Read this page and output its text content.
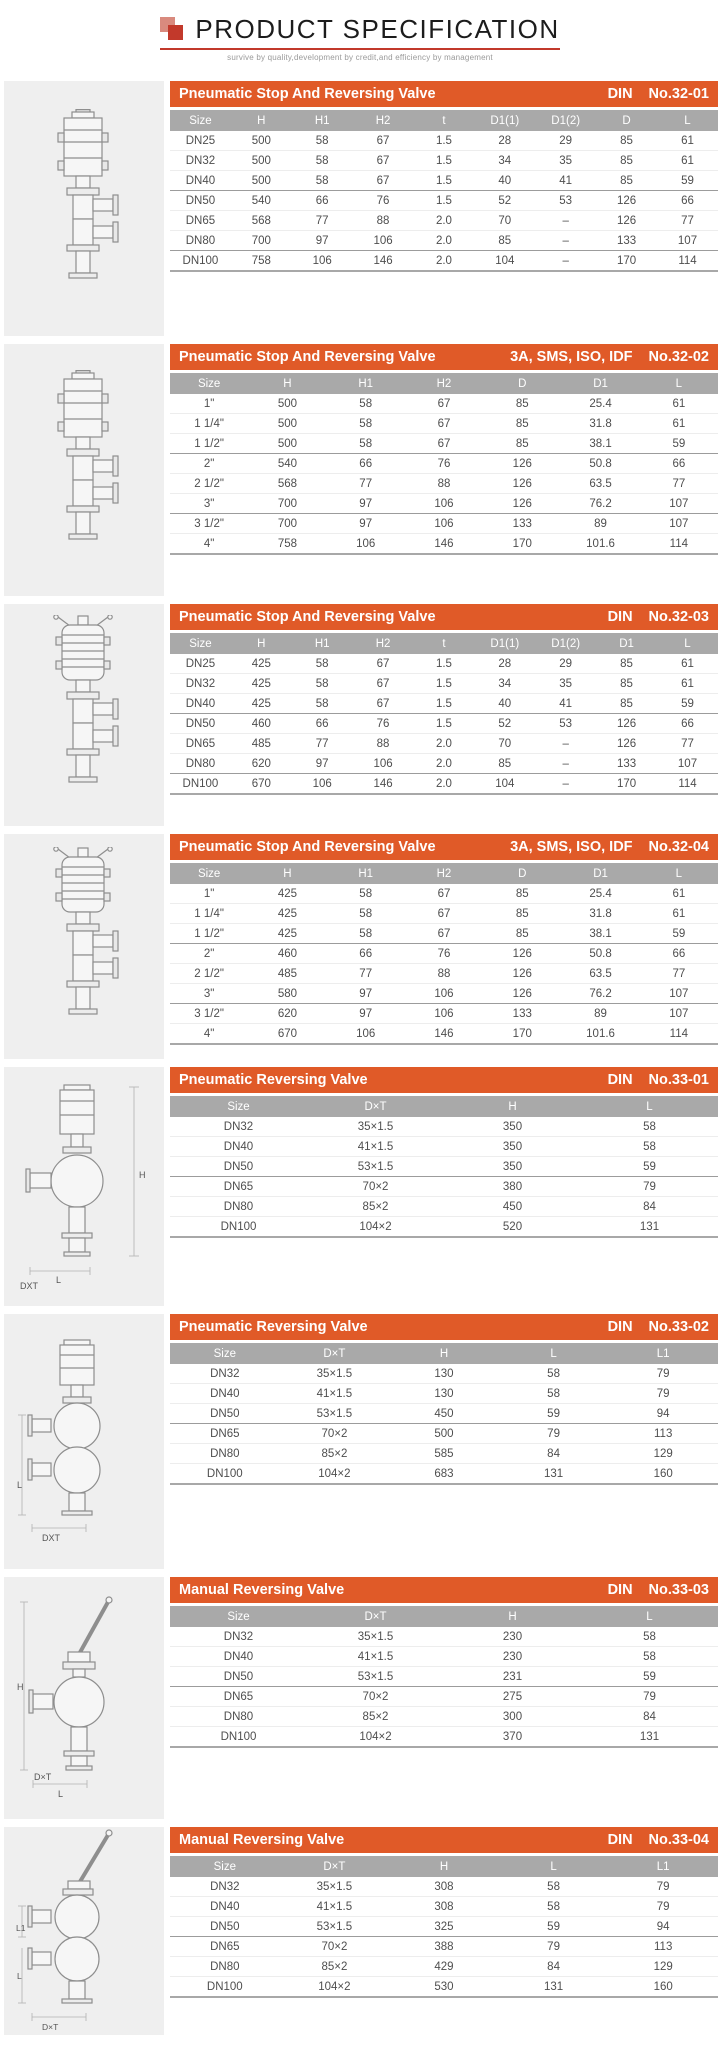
PRODUCT SPECIFICATION
survive by quality,development by credit,and efficiency by management
Pneumatic Stop And Reversing Valve	DIN No.32-01
Size	H	H1	H2	t	D1(1)	D1(2)	D	L
DN25	500	58	67	1.5	28	29	85	61
DN32	500	58	67	1.5	34	35	85	61
DN40	500	58	67	1.5	40	41	85	59
DN50	540	66	76	1.5	52	53	126	66
DN65	568	77	88	2.0	70	–	126	77
DN80	700	97	106	2.0	85	–	133	107
DN100	758	106	146	2.0	104	–	170	114
Pneumatic Stop And Reversing Valve	3A, SMS, ISO, IDF No.32-02
Size	H	H1	H2	D	D1	L
1"	500	58	67	85	25.4	61
1 1/4"	500	58	67	85	31.8	61
1 1/2"	500	58	67	85	38.1	59
2"	540	66	76	126	50.8	66
2 1/2"	568	77	88	126	63.5	77
3"	700	97	106	126	76.2	107
3 1/2"	700	97	106	133	89	107
4"	758	106	146	170	101.6	114
Pneumatic Stop And Reversing Valve	DIN No.32-03
Size	H	H1	H2	t	D1(1)	D1(2)	D1	L
DN25	425	58	67	1.5	28	29	85	61
DN32	425	58	67	1.5	34	35	85	61
DN40	425	58	67	1.5	40	41	85	59
DN50	460	66	76	1.5	52	53	126	66
DN65	485	77	88	2.0	70	–	126	77
DN80	620	97	106	2.0	85	–	133	107
DN100	670	106	146	2.0	104	–	170	114
Pneumatic Stop And Reversing Valve	3A, SMS, ISO, IDF No.32-04
Size	H	H1	H2	D	D1	L
1"	425	58	67	85	25.4	61
1 1/4"	425	58	67	85	31.8	61
1 1/2"	425	58	67	85	38.1	59
2"	460	66	76	126	50.8	66
2 1/2"	485	77	88	126	63.5	77
3"	580	97	106	126	76.2	107
3 1/2"	620	97	106	133	89	107
4"	670	106	146	170	101.6	114
H
L
DXT
Pneumatic Reversing Valve	DIN No.33-01
Size	D×T	H	L
DN32	35×1.5	350	58
DN40	41×1.5	350	58
DN50	53×1.5	350	59
DN65	70×2	380	79
DN80	85×2	450	84
DN100	104×2	520	131
L
DXT
Pneumatic Reversing Valve	DIN No.33-02
Size	D×T	H	L	L1
DN32	35×1.5	130	58	79
DN40	41×1.5	130	58	79
DN50	53×1.5	450	59	94
DN65	70×2	500	79	113
DN80	85×2	585	84	129
DN100	104×2	683	131	160
H
D×T
L
Manual Reversing Valve	DIN No.33-03
Size	D×T	H	L
DN32	35×1.5	230	58
DN40	41×1.5	230	58
DN50	53×1.5	231	59
DN65	70×2	275	79
DN80	85×2	300	84
DN100	104×2	370	131
L1
L
D×T
Manual Reversing Valve	DIN No.33-04
Size	D×T	H	L	L1
DN32	35×1.5	308	58	79
DN40	41×1.5	308	58	79
DN50	53×1.5	325	59	94
DN65	70×2	388	79	113
DN80	85×2	429	84	129
DN100	104×2	530	131	160
